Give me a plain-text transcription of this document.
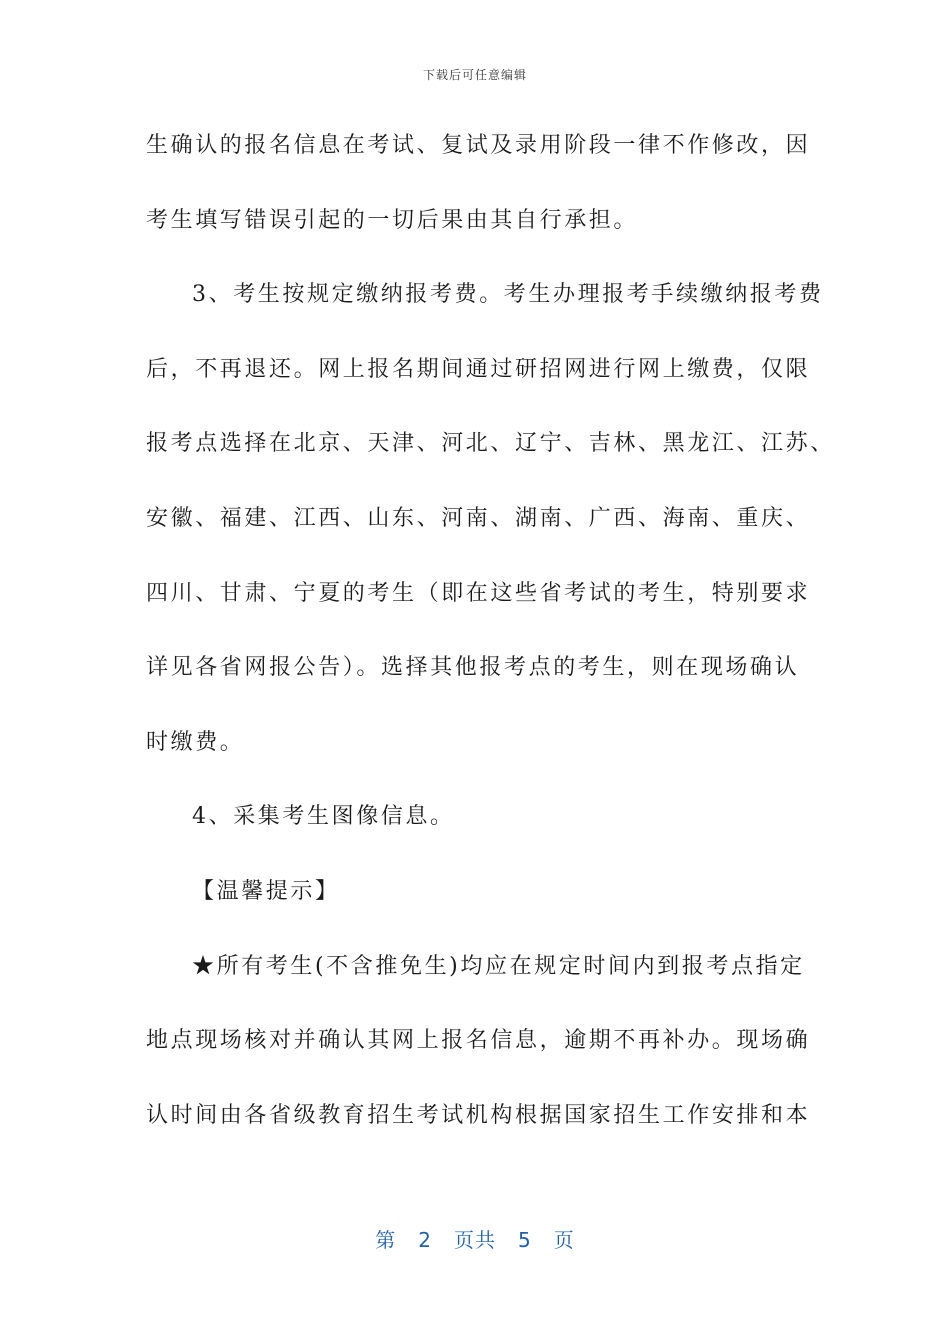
下载后可任意编辑
生确认的报名信息在考试、复试及录用阶段一律不作修改，因
考生填写错误引起的一切后果由其自行承担。
3、考生按规定缴纳报考费。考生办理报考手续缴纳报考费
后，不再退还。网上报名期间通过研招网进行网上缴费，仅限
报考点选择在北京、天津、河北、辽宁、吉林、黑龙江、江苏、
安徽、福建、江西、山东、河南、湖南、广西、海南、重庆、
四川、甘肃、宁夏的考生（即在这些省考试的考生，特别要求
详见各省网报公告）。选择其他报考点的考生，则在现场确认
时缴费。
4、采集考生图像信息。
【温馨提示】
★所有考生(不含推免生)均应在规定时间内到报考点指定
地点现场核对并确认其网上报名信息，逾期不再补办。现场确
认时间由各省级教育招生考试机构根据国家招生工作安排和本
第 2 页共 5 页
